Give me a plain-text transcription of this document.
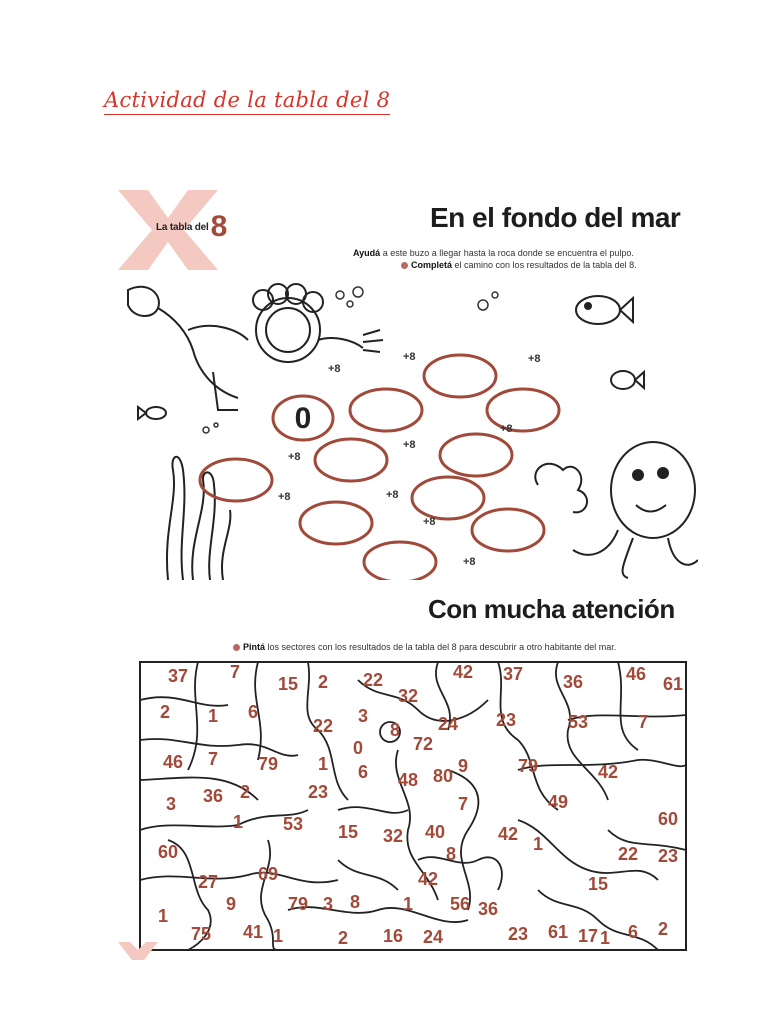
Actividad de la tabla del 8
La tabla del8	En el fondo del mar
Ayudá a este buzo a llegar hasta la roca donde se encuentra el pulpo.
Completá el camino con los resultados de la tabla del 8.
0
+8
+8	+8
+8
+8
+8
+8	+8
+8
+8
Con mucha atención
Pintá los sectores con los resultados de la tabla del 8 para descubrir a otro habitante del mar.
37 7
15 2 22	42 37 36 46 61
2 1 6
32
23	53	7
22 3
8 24
46 7 79
0	72
9	79	42
1 6 48 80
3 36 2	23
7	49
15 32 40
60
1 53	42 1
60
8	22 23
27 69	42	15
9	79 3 8 1 56 36
1
75 41 1	2 16 24	23 61 17 1 6 2
